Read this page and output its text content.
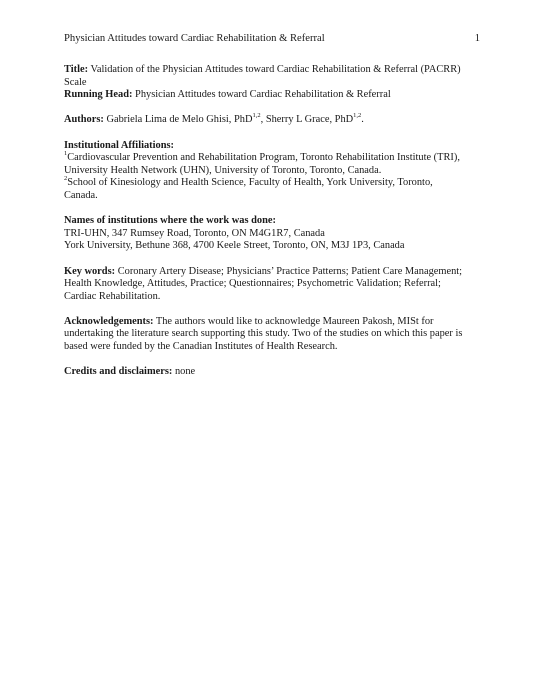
Physician Attitudes toward Cardiac Rehabilitation & Referral	1
Title: Validation of the Physician Attitudes toward Cardiac Rehabilitation & Referral (PACRR)
Scale
Running Head: Physician Attitudes toward Cardiac Rehabilitation & Referral
Authors: Gabriela Lima de Melo Ghisi, PhD$^{1,2}$, Sherry L Grace, PhD$^{1,2}$.
Institutional Affiliations:
$^1$Cardiovascular Prevention and Rehabilitation Program, Toronto Rehabilitation Institute (TRI),
University Health Network (UHN), University of Toronto, Toronto, Canada.
$^2$School of Kinesiology and Health Science, Faculty of Health, York University, Toronto,
Canada.
Names of institutions where the work was done:
TRI-UHN, 347 Rumsey Road, Toronto, ON M4G1R7, Canada
York University, Bethune 368, 4700 Keele Street, Toronto, ON, M3J 1P3, Canada
Key words: Coronary Artery Disease; Physicians’ Practice Patterns; Patient Care Management;
Health Knowledge, Attitudes, Practice; Questionnaires; Psychometric Validation; Referral;
Cardiac Rehabilitation.
Acknowledgements: The authors would like to acknowledge Maureen Pakosh, MISt for
undertaking the literature search supporting this study. Two of the studies on which this paper is
based were funded by the Canadian Institutes of Health Research.
Credits and disclaimers: none
